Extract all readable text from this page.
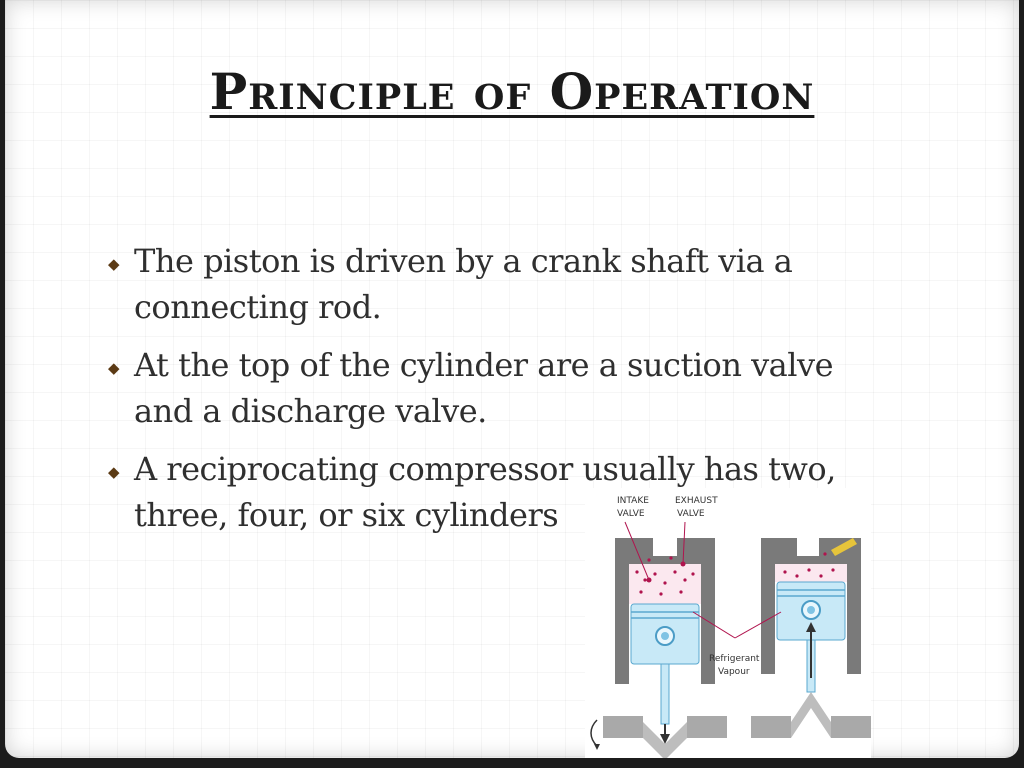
Principle of Operation
◆ The piston is driven by a crank shaft via a connecting rod.
◆ At the top of the cylinder are a suction valve and a discharge valve.
◆ A reciprocating compressor usually has two, three, four, or six cylinders	INTAKE
VALVE
EXHAUST
VALVE
Refrigerant
Vapour
